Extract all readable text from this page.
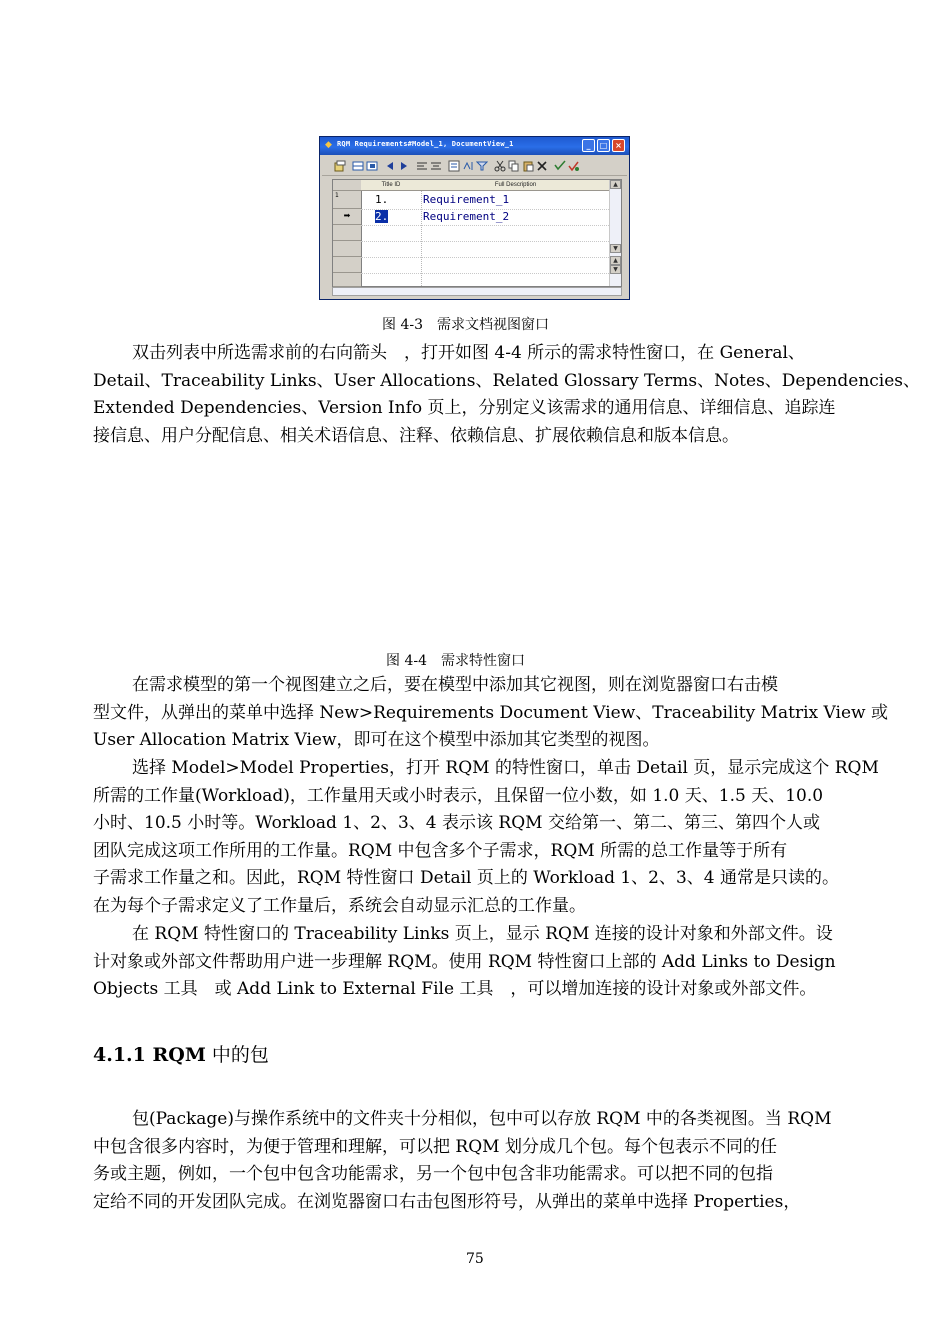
◆ RQM Requirements#Model_1, DocumentView_1	_	□ ×
1
➡
Title ID	Full Description
1.	Requirement_1
2.	Requirement_2
▲
▼
▲
▼
图 4-3　需求文档视图窗口
双击列表中所选需求前的右向箭头　，打开如图 4-4 所示的需求特性窗口，在 General、
Detail、Traceability Links、User Allocations、Related Glossary Terms、Notes、Dependencies、
Extended Dependencies、Version Info 页上，分别定义该需求的通用信息、详细信息、追踪连
接信息、用户分配信息、相关术语信息、注释、依赖信息、扩展依赖信息和版本信息。
图 4-4　需求特性窗口
在需求模型的第一个视图建立之后，要在模型中添加其它视图，则在浏览器窗口右击模
型文件，从弹出的菜单中选择 New>Requirements Document View、Traceability Matrix View 或
User Allocation Matrix View，即可在这个模型中添加其它类型的视图。
选择 Model>Model Properties，打开 RQM 的特性窗口，单击 Detail 页，显示完成这个 RQM
所需的工作量(Workload)，工作量用天或小时表示，且保留一位小数，如 1.0 天、1.5 天、10.0
小时、10.5 小时等。Workload 1、2、3、4 表示该 RQM 交给第一、第二、第三、第四个人或
团队完成这项工作所用的工作量。RQM 中包含多个子需求，RQM 所需的总工作量等于所有
子需求工作量之和。因此，RQM 特性窗口 Detail 页上的 Workload 1、2、3、4 通常是只读的。
在为每个子需求定义了工作量后，系统会自动显示汇总的工作量。
在 RQM 特性窗口的 Traceability Links 页上，显示 RQM 连接的设计对象和外部文件。设
计对象或外部文件帮助用户进一步理解 RQM。使用 RQM 特性窗口上部的 Add Links to Design
Objects 工具　或 Add Link to External File 工具　，可以增加连接的设计对象或外部文件。
4.1.1 RQM 中的包
包(Package)与操作系统中的文件夹十分相似，包中可以存放 RQM 中的各类视图。当 RQM
中包含很多内容时，为便于管理和理解，可以把 RQM 划分成几个包。每个包表示不同的任
务或主题，例如，一个包中包含功能需求，另一个包中包含非功能需求。可以把不同的包指
定给不同的开发团队完成。在浏览器窗口右击包图形符号，从弹出的菜单中选择 Properties，
75
